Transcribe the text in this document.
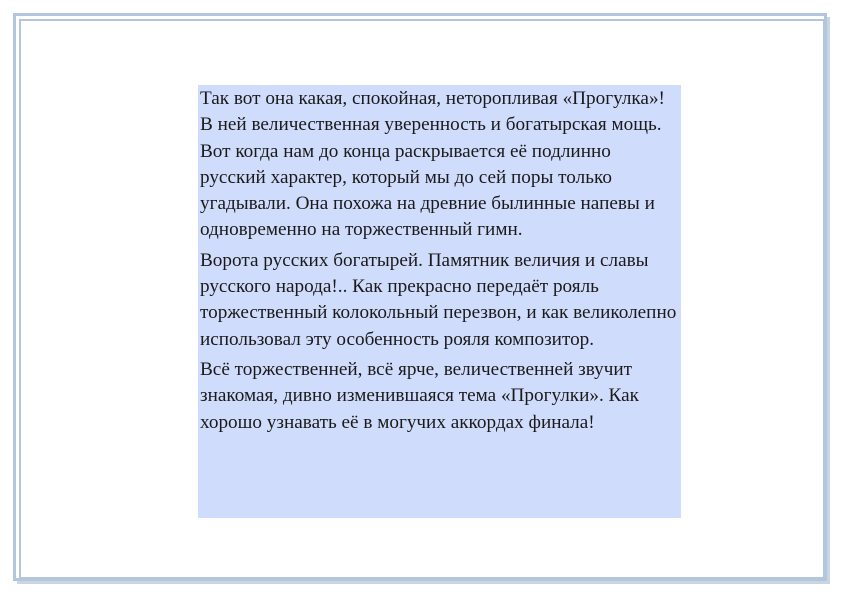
Так вот она какая, спокойная, неторопливая «Прогулка»! В ней величественная уверенность и богатырская мощь. Вот когда нам до конца раскрывается её подлинно русский характер, который мы до сей поры только угадывали. Она похожа на древние былинные напевы и одновременно на торжественный гимн.

Ворота русских богатырей. Памятник величия и славы русского народа!.. Как прекрасно передаёт рояль торжественный колокольный перезвон, и как великолепно использовал эту особенность рояля композитор.

Всё торжественней, всё ярче, величественней звучит знакомая, дивно изменившаяся тема «Прогулки». Как хорошо узнавать её в могучих аккордах финала!
